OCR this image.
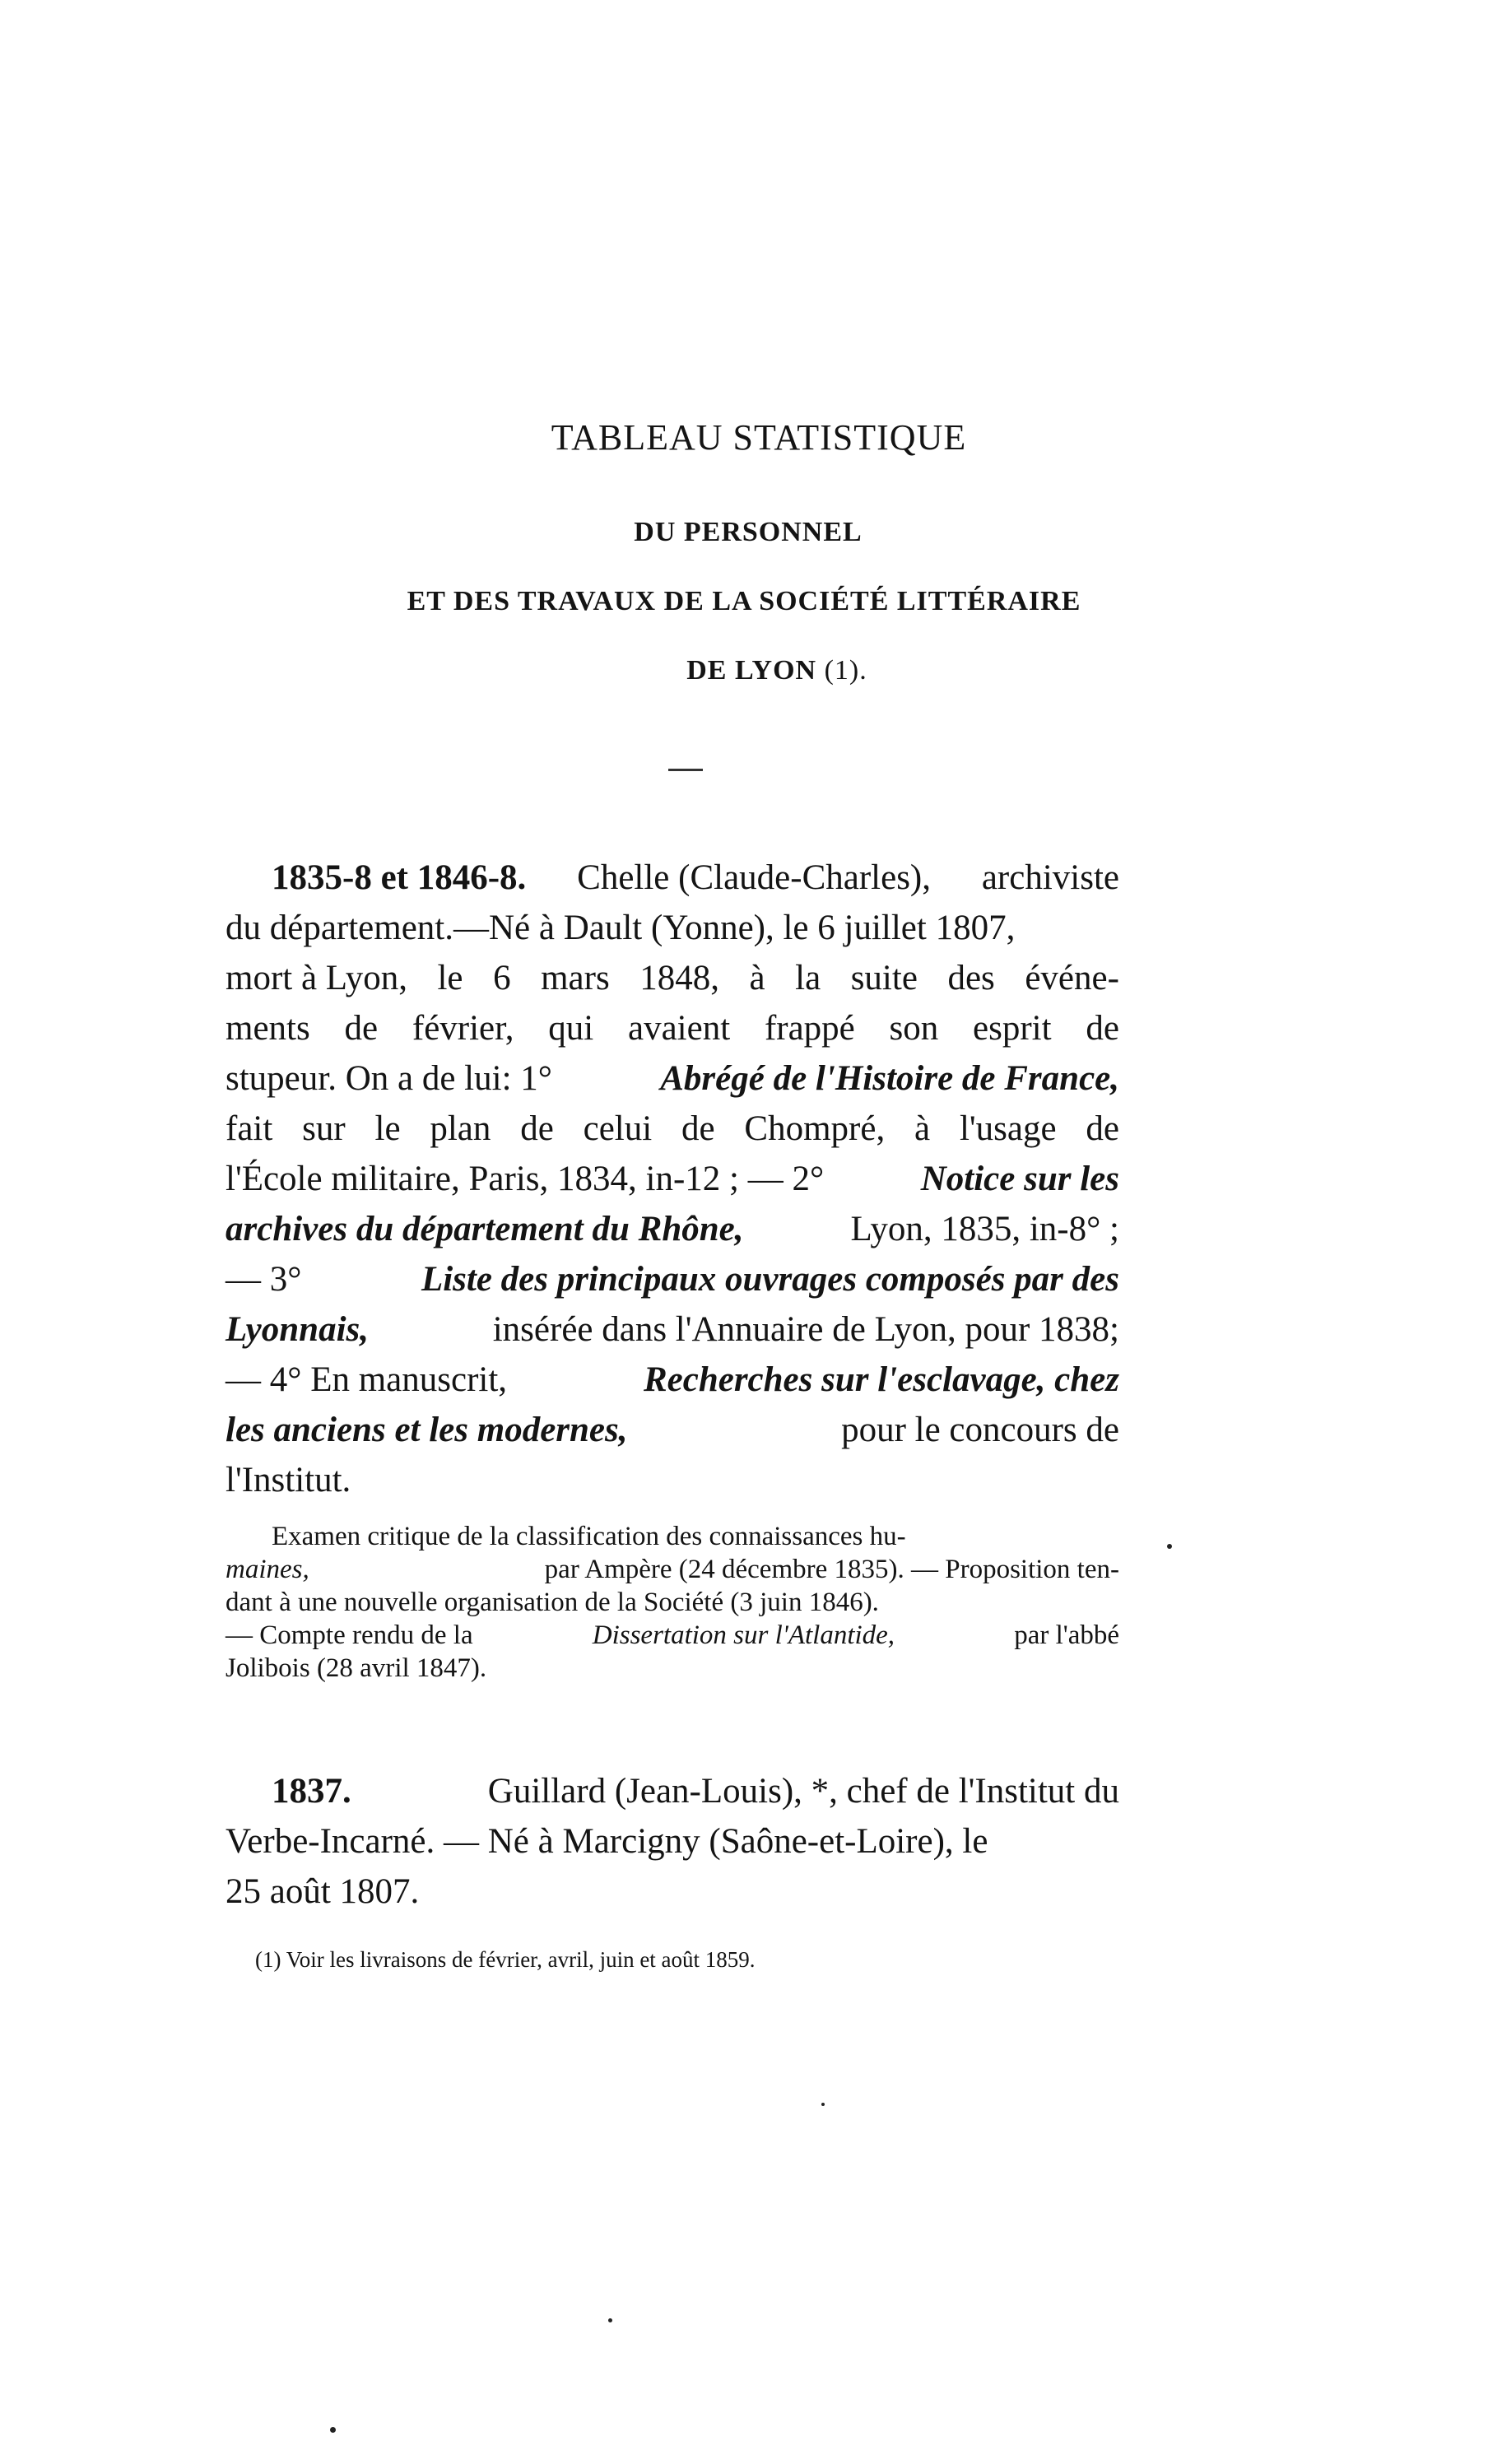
TABLEAU STATISTIQUE
DU PERSONNEL
ET DES TRAVAUX DE LA SOCIÉTÉ LITTÉRAIRE
DE LYON (1).
1835-8 et 1846-8. Chelle (Claude-Charles), archiviste
du département.—Né à Dault (Yonne), le 6 juillet 1807,
mort à Lyon, le 6 mars 1848, à la suite des événe-
ments de février, qui avaient frappé son esprit de
stupeur. On a de lui: 1°	Abrégé de l'Histoire de France,
fait sur le plan de celui de Chompré, à l'usage de
l'École militaire, Paris, 1834, in-12 ; — 2°	Notice sur les
archives du département du Rhône,	Lyon, 1835, in-8° ;
— 3°	Liste des principaux ouvrages composés par des
Lyonnais,	insérée dans l'Annuaire de Lyon, pour 1838;
— 4° En manuscrit,	Recherches sur l'esclavage, chez
les anciens et les modernes,	pour le concours de
l'Institut.
Examen critique de la classification des connaissances hu-
maines,	par Ampère (24 décembre 1835). — Proposition ten-
dant à une nouvelle organisation de la Société (3 juin 1846).
— Compte rendu de la	Dissertation sur l'Atlantide,	par l'abbé
Jolibois (28 avril 1847).
1837.	Guillard (Jean-Louis), *, chef de l'Institut du
Verbe-Incarné. — Né à Marcigny (Saône-et-Loire), le
25 août 1807.
(1) Voir les livraisons de février, avril, juin et août 1859.
